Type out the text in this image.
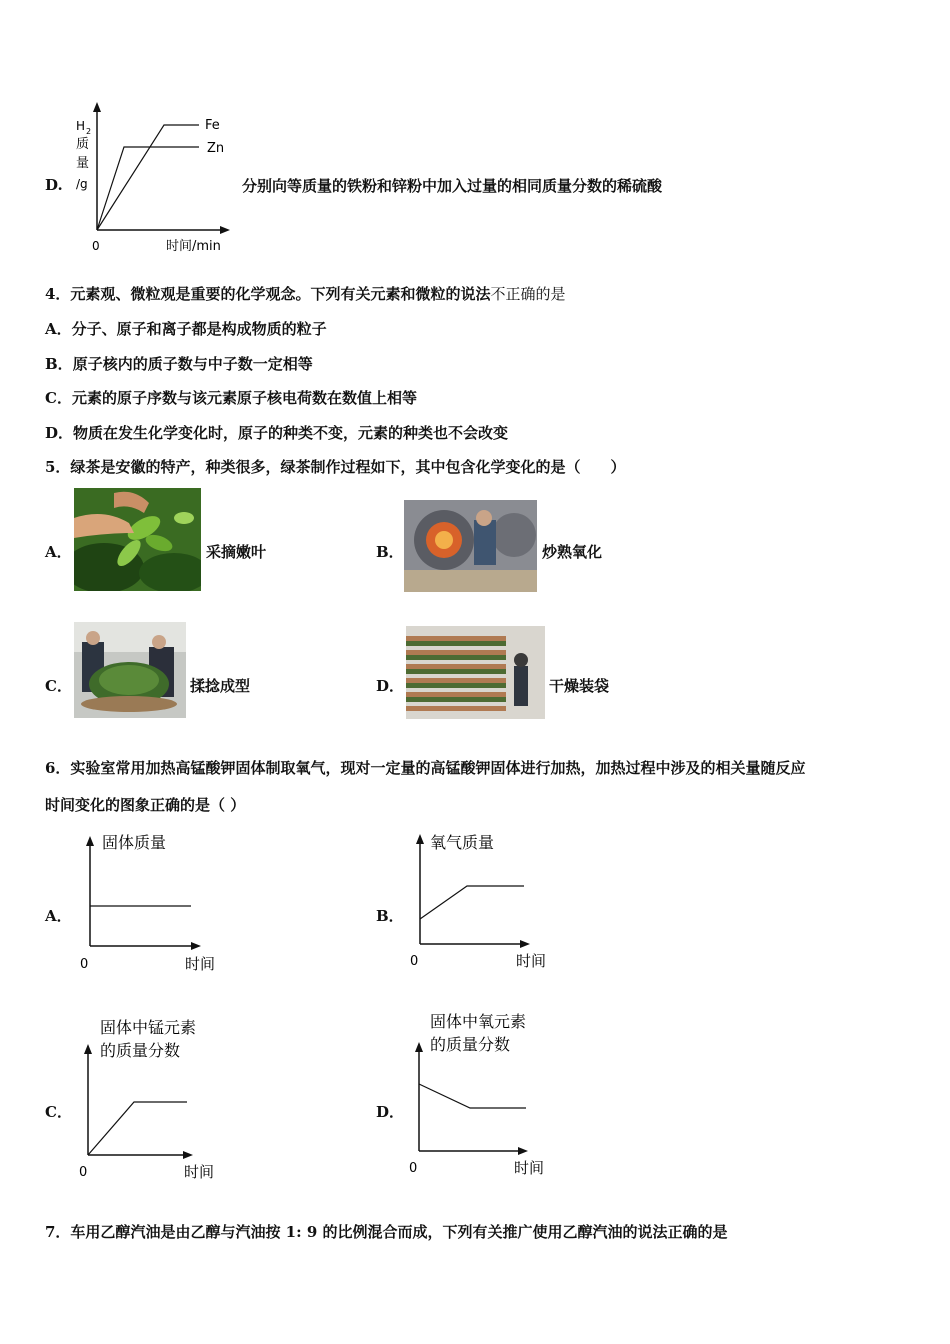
D.
H 2
质
量
/g
0	时间/min
Fe
Zn
分别向等质量的铁粉和锌粉中加入过量的相同质量分数的稀硫酸
4．元素观、微粒观是重要的化学观念。下列有关元素和微粒的说法不正确的是
A．分子、原子和离子都是构成物质的粒子
B．原子核内的质子数与中子数一定相等
C．元素的原子序数与该元素原子核电荷数在数值上相等
D．物质在发生化学变化时，原子的种类不变，元素的种类也不会改变
5．绿茶是安徽的特产，种类很多，绿茶制作过程如下，其中包含化学变化的是（　　）
A．	采摘嫩叶	B．	炒熟氧化
C．	揉捻成型	D．	干燥装袋
6．实验室常用加热高锰酸钾固体制取氧气，现对一定量的高锰酸钾固体进行加热，加热过程中涉及的相关量随反应
时间变化的图象正确的是（ ）
A．
固体质量
0	时间
B．
氧气质量
0	时间
C．
固体中锰元素
的质量分数
0	时间
D．
固体中氧元素
的质量分数
0	时间
7．车用乙醇汽油是由乙醇与汽油按 1: 9 的比例混合而成，下列有关推广使用乙醇汽油的说法正确的是
